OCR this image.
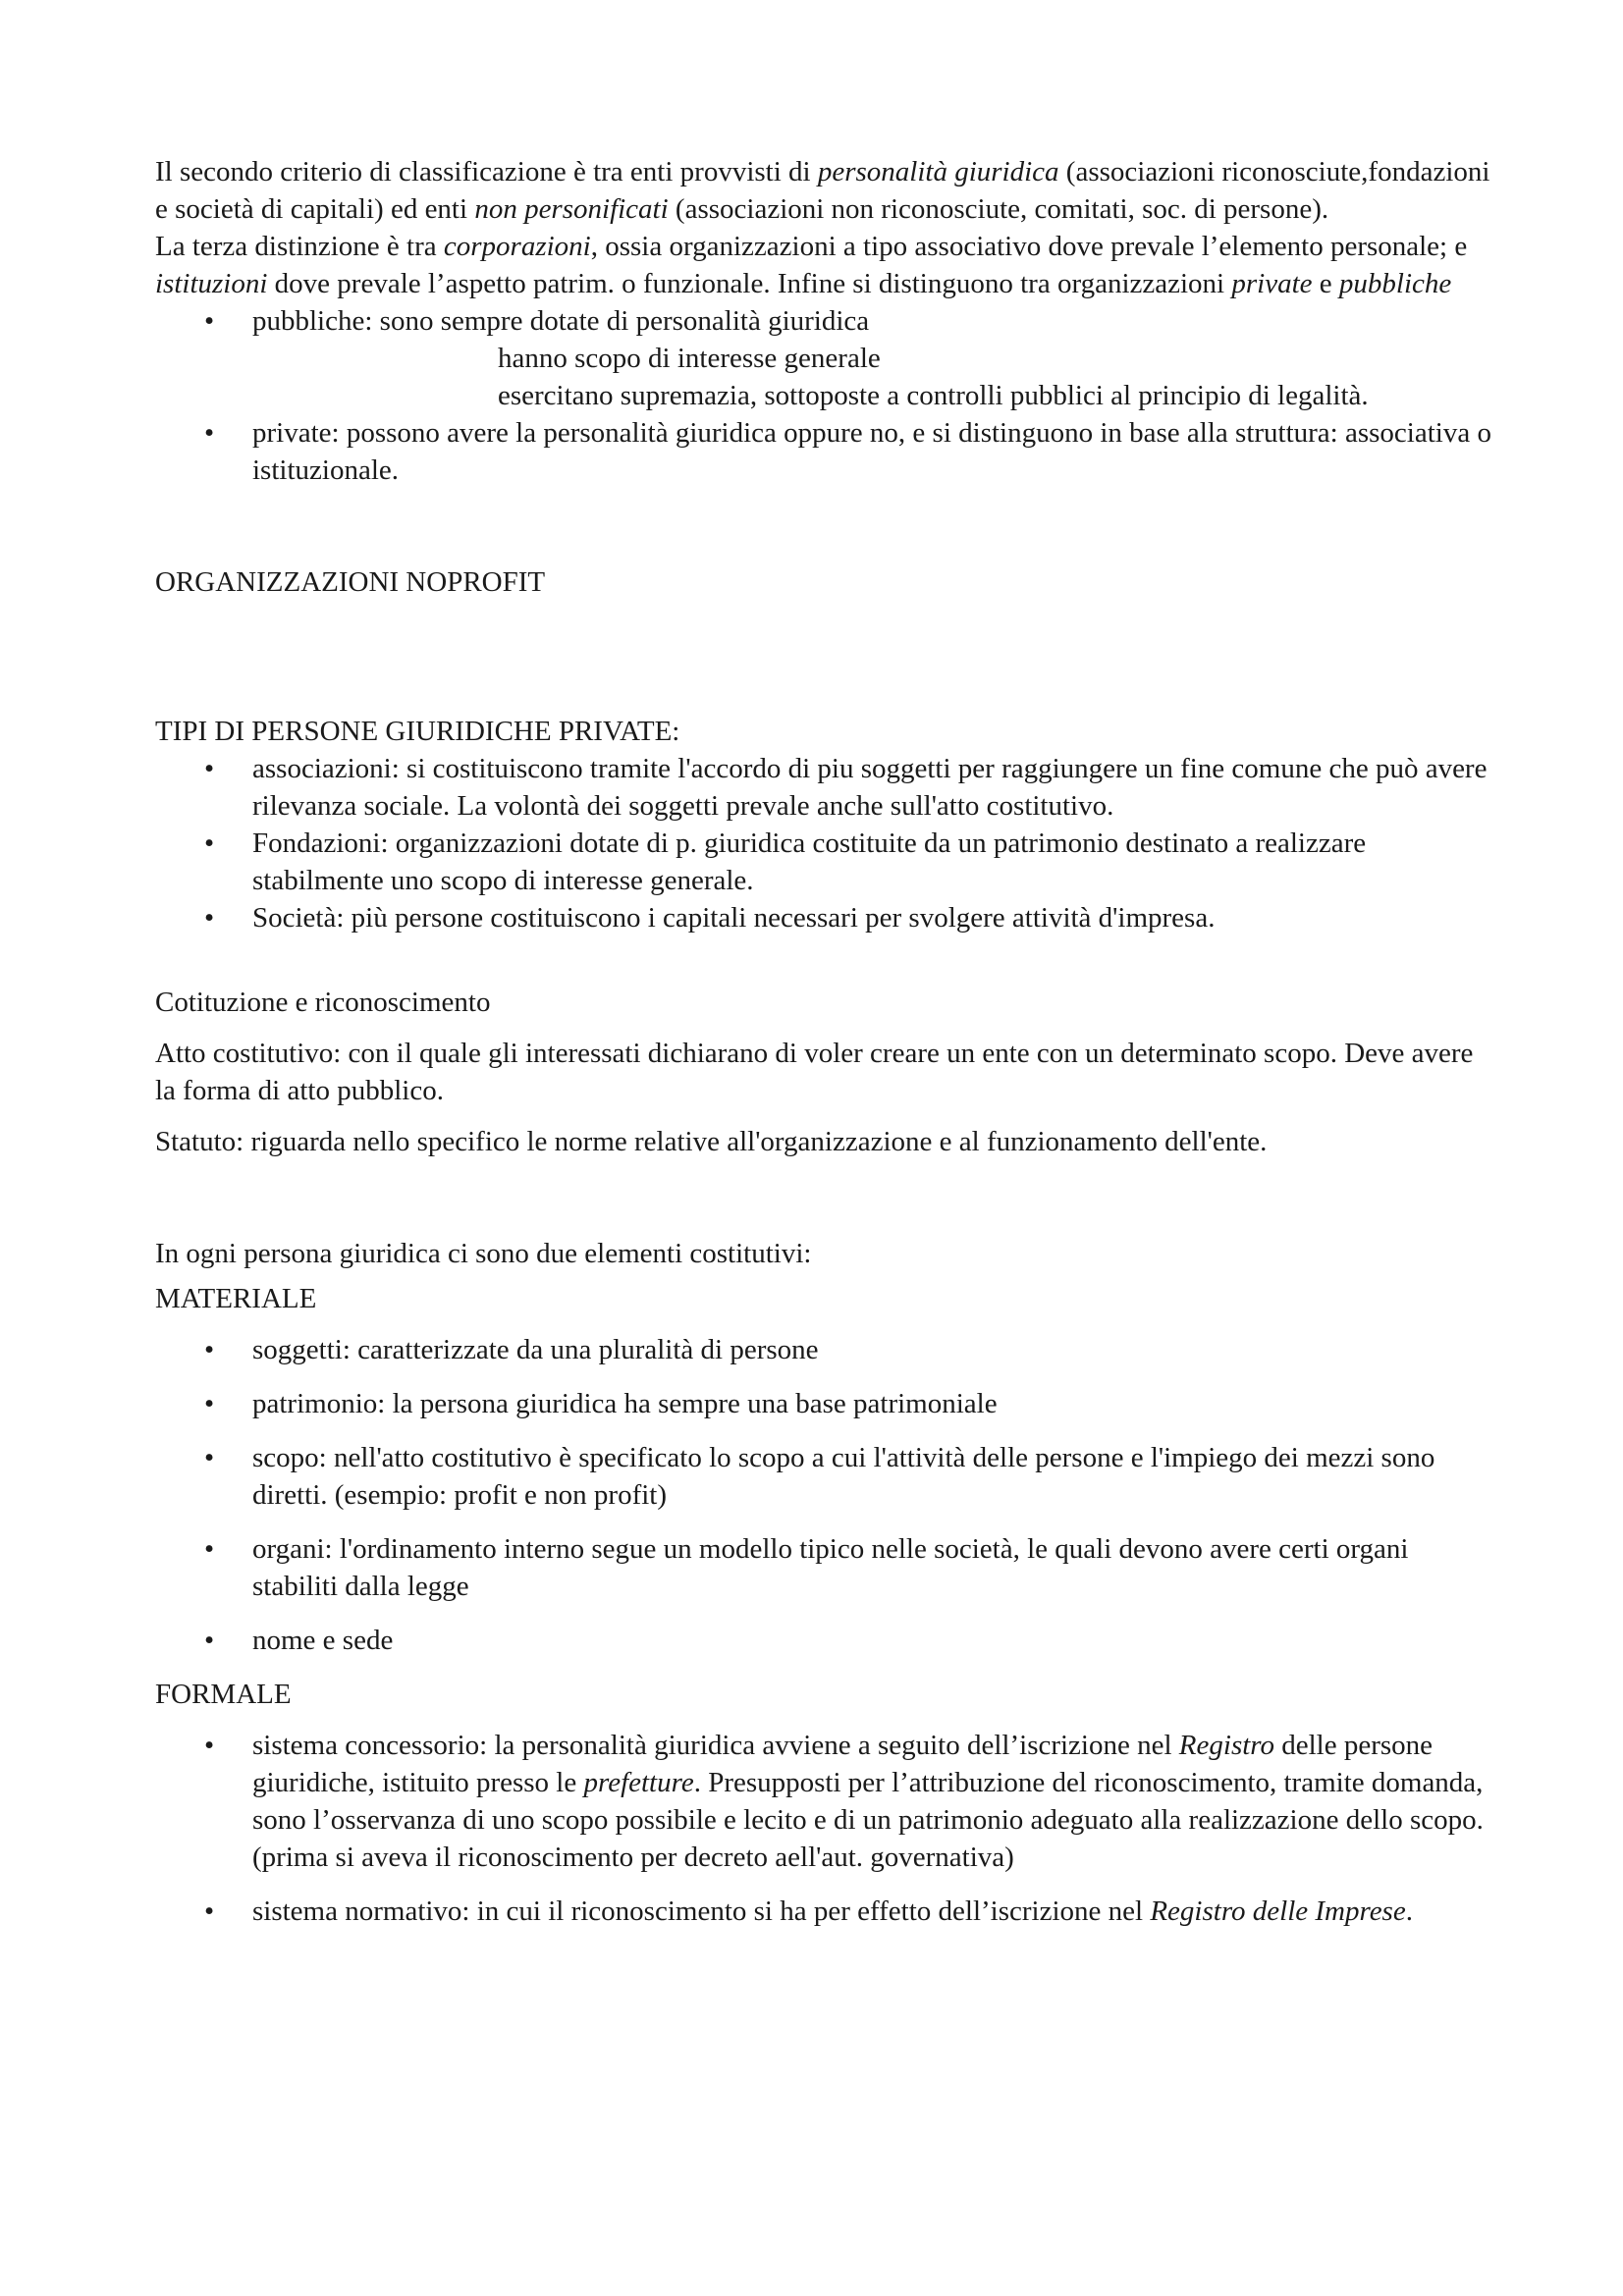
Il secondo criterio di classificazione è tra enti provvisti di personalità giuridica (associazioni riconosciute,fondazioni e società di capitali) ed enti non personificati (associazioni non riconosciute, comitati, soc. di persone).

La terza distinzione è tra corporazioni, ossia organizzazioni a tipo associativo dove prevale l’elemento personale; e istituzioni dove prevale l’aspetto patrim. o funzionale. Infine si distinguono tra organizzazioni private e pubbliche

• pubbliche: sono sempre dotate di personalità giuridica
hanno scopo di interesse generale
esercitano supremazia, sottoposte a controlli pubblici al principio di legalità.
• private: possono avere la personalità giuridica oppure no, e si distinguono in base alla struttura: associativa o istituzionale.

ORGANIZZAZIONI NOPROFIT

TIPI DI PERSONE GIURIDICHE PRIVATE:

• associazioni: si costituiscono tramite l'accordo di piu soggetti per raggiungere un fine comune che può avere rilevanza sociale. La volontà dei soggetti prevale anche sull'atto costitutivo.
• Fondazioni: organizzazioni dotate di p. giuridica costituite da un patrimonio destinato a realizzare stabilmente uno scopo di interesse generale.
• Società: più persone costituiscono i capitali necessari per svolgere attività d'impresa.

Cotituzione e riconoscimento

Atto costitutivo: con il quale gli interessati dichiarano di voler creare un ente con un determinato scopo. Deve avere la forma di atto pubblico.

Statuto: riguarda nello specifico le norme relative all'organizzazione e al funzionamento dell'ente.

In ogni persona giuridica ci sono due elementi costitutivi:

MATERIALE

• soggetti: caratterizzate da una pluralità di persone
• patrimonio: la persona giuridica ha sempre una base patrimoniale
• scopo: nell'atto costitutivo è specificato lo scopo a cui l'attività delle persone e l'impiego dei mezzi sono diretti. (esempio: profit e non profit)
• organi: l'ordinamento interno segue un modello tipico nelle società, le quali devono avere certi organi stabiliti dalla legge
• nome e sede

FORMALE

• sistema concessorio: la personalità giuridica avviene a seguito dell’iscrizione nel Registro delle persone giuridiche, istituito presso le prefetture. Presupposti per l’attribuzione del riconoscimento, tramite domanda, sono l’osservanza di uno scopo possibile e lecito e di un patrimonio adeguato alla realizzazione dello scopo. (prima si aveva il riconoscimento per decreto aell'aut. governativa)
• sistema normativo: in cui il riconoscimento si ha per effetto dell’iscrizione nel Registro delle Imprese.
